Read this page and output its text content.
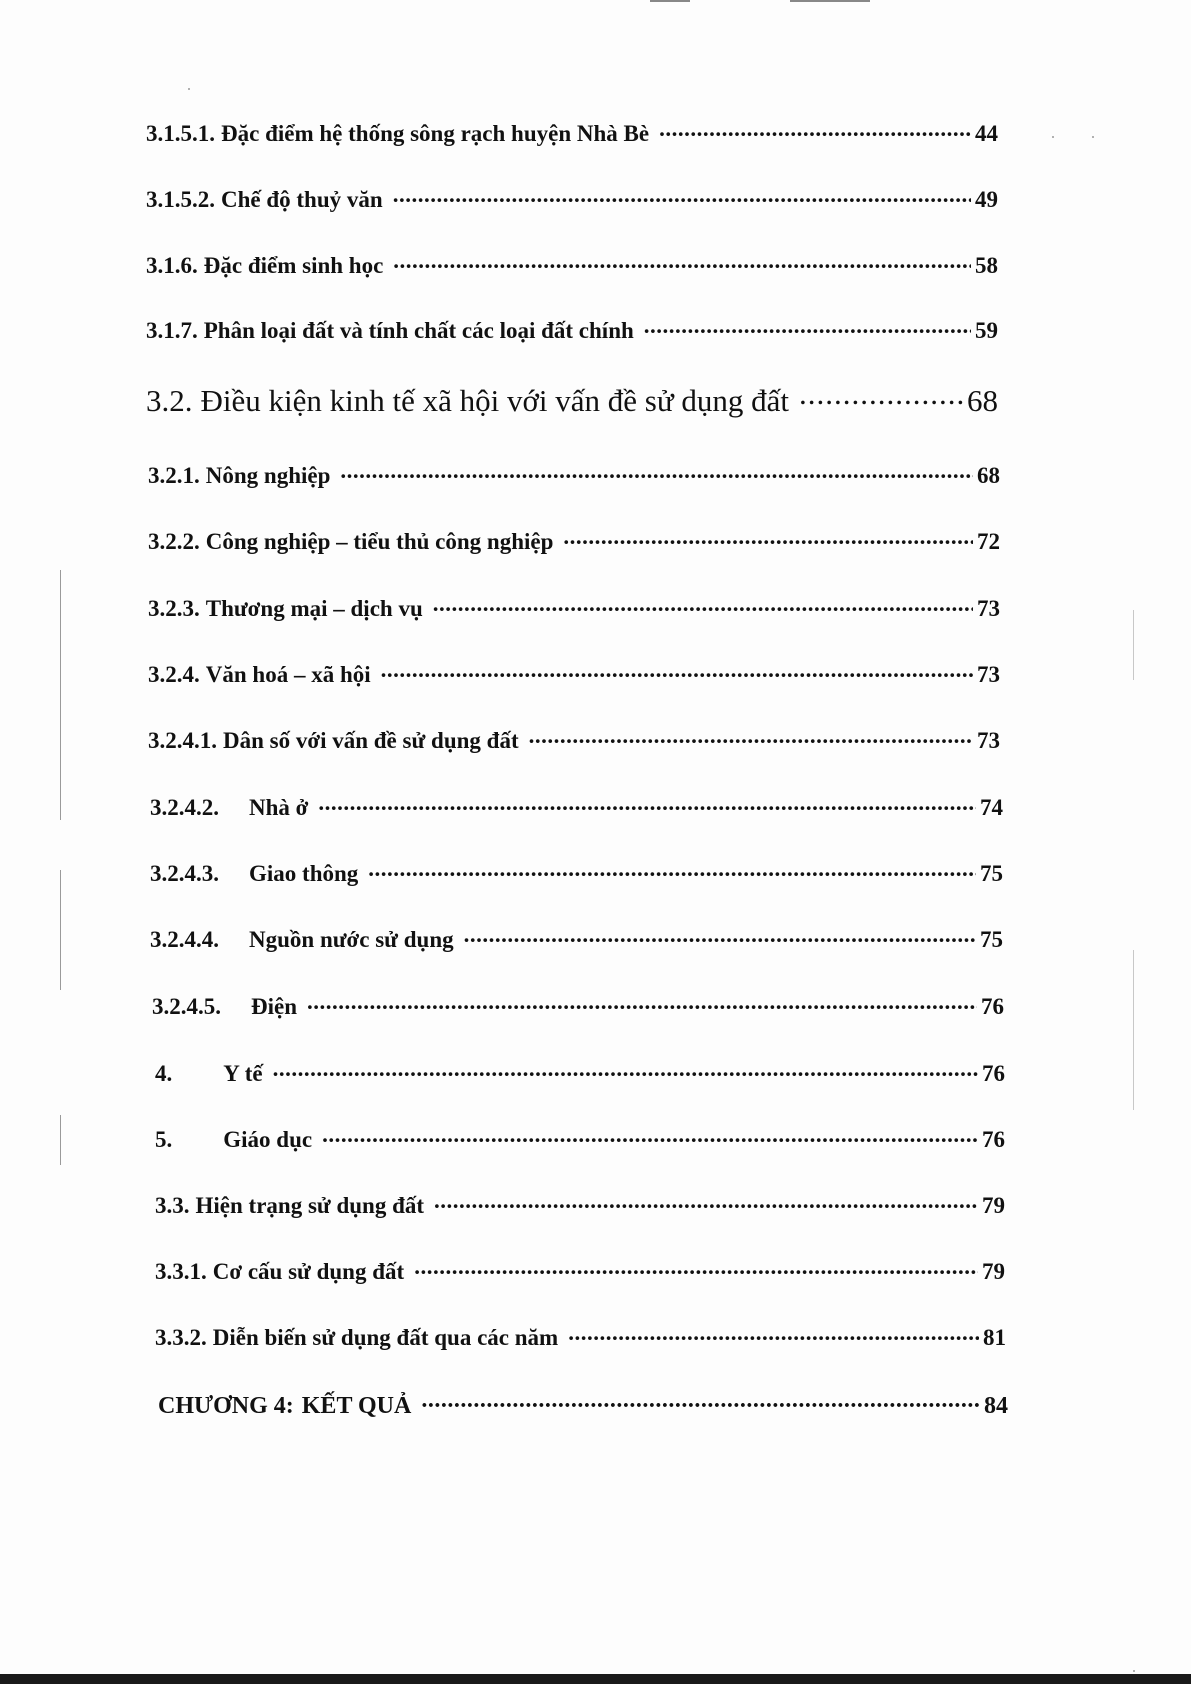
3.1.5.1. Đặc điểm hệ thống sông rạch huyện Nhà Bè .....	44
3.1.5.2. Chế độ thuỷ văn .....	49
3.1.6. Đặc điểm sinh học .....	58
3.1.7. Phân loại đất và tính chất các loại đất chính .....	59
3.2. Điều kiện kinh tế xã hội với vấn đề sử dụng đất .....	68
3.2.1. Nông nghiệp .....	68
3.2.2. Công nghiệp – tiểu thủ công nghiệp .....	72
3.2.3. Thương mại – dịch vụ .....	73
3.2.4. Văn hoá – xã hội .....	73
3.2.4.1. Dân số với vấn đề sử dụng đất .....	73
3.2.4.2. Nhà ở .....	74
3.2.4.3. Giao thông .....	75
3.2.4.4. Nguồn nước sử dụng .....	75
3.2.4.5. Điện .....	76
4. Y tế .....	76
5. Giáo dục .....	76
3.3. Hiện trạng sử dụng đất .....	79
3.3.1. Cơ cấu sử dụng đất .....	79
3.3.2. Diễn biến sử dụng đất qua các năm .....	81
CHƯƠNG 4: KẾT QUẢ .....	84
